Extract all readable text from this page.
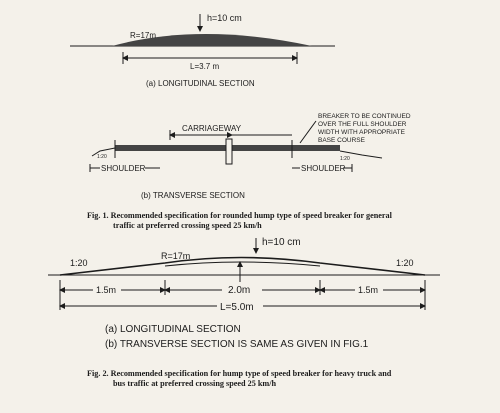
h=10 cm
R=17m
L=3.7 m
(a) LONGITUDINAL SECTION
CARRIAGEWAY
BREAKER TO BE CONTINUED
OVER THE FULL SHOULDER
WIDTH WITH APPROPRIATE
BASE COURSE
1:20	1:20
SHOULDER	SHOULDER
(b) TRANSVERSE SECTION
Fig. 1. Recommended specification for rounded hump type of speed breaker for general
traffic at preferred crossing speed 25 km/h
1:20	1:20
R=17m
h=10 cm
2.0m
1.5m	1.5m
L=5.0m
(a) LONGITUDINAL SECTION
(b) TRANSVERSE SECTION IS SAME AS GIVEN IN FIG.1
Fig. 2. Recommended specification for hump type of speed breaker for heavy truck and
bus traffic at preferred crossing speed 25 km/h
